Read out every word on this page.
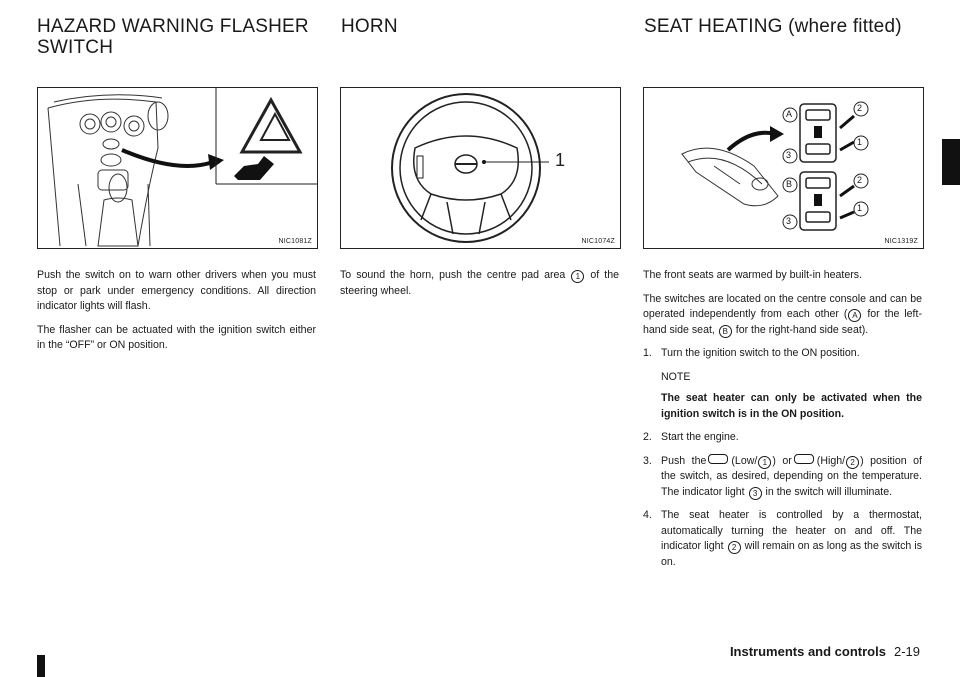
HAZARD WARNING FLASHER
SWITCH
HORN	SEAT HEATING (where fitted)
NIC1081Z
1
NIC1074Z
A
2
1
3
B	2
3
1
NIC1319Z

Push the switch on to warn other drivers when you must stop or park under emergency conditions. All direction indicator lights will flash.

The flasher can be actuated with the ignition switch either in the “OFF” or ON position.

To sound the horn, push the centre pad area 1 of the steering wheel.

The front seats are warmed by built-in heaters.

The switches are located on the centre console and can be operated independently from each other ( A for the left-hand side seat, B for the right-hand side seat).

1. Turn the ignition switch to the ON position.
NOTE
The seat heater can only be activated when the ignition switch is in the ON position.
2. Start the engine.
3. Push the (Low/ 1 ) or (High/ 2 ) position of the switch, as desired, depending on the temperature. The indicator light 3 in the switch will illuminate.
4. The seat heater is controlled by a thermostat, automatically turning the heater on and off. The indicator light 2 will remain on as long as the switch is on.
Instruments and controls 2-19
